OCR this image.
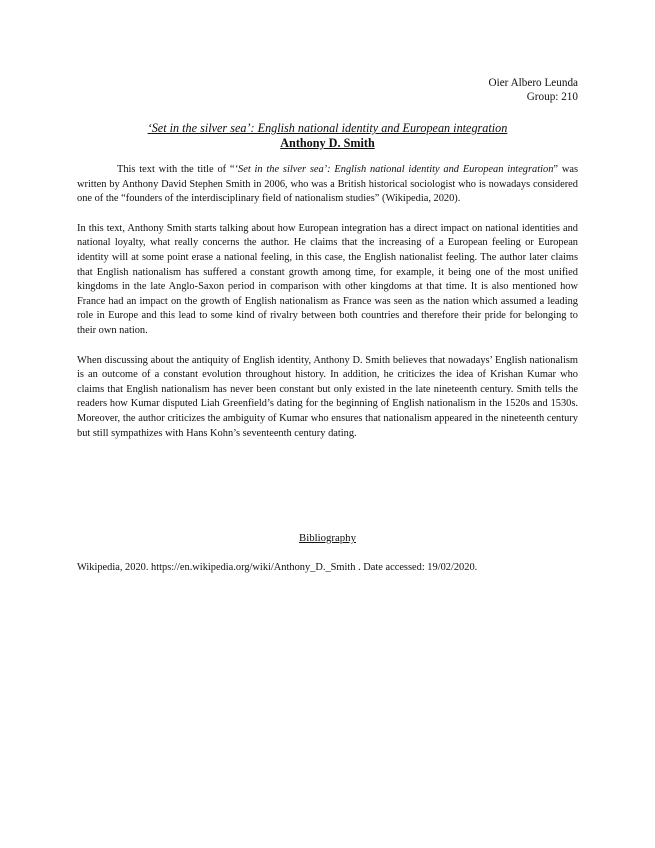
Oier Albero Leunda
Group: 210
‘Set in the silver sea’: English national identity and European integration
Anthony D. Smith

This text with the title of “‘Set in the silver sea’: English national identity and European integration” was written by Anthony David Stephen Smith in 2006, who was a British historical sociologist who is nowadays considered one of the “founders of the interdisciplinary field of nationalism studies” (Wikipedia, 2020).

In this text, Anthony Smith starts talking about how European integration has a direct impact on national identities and national loyalty, what really concerns the author. He claims that the increasing of a European feeling or European identity will at some point erase a national feeling, in this case, the English nationalist feeling. The author later claims that English nationalism has suffered a constant growth among time, for example, it being one of the most unified kingdoms in the late Anglo-Saxon period in comparison with other kingdoms at that time. It is also mentioned how France had an impact on the growth of English nationalism as France was seen as the nation which assumed a leading role in Europe and this lead to some kind of rivalry between both countries and therefore their pride for belonging to their own nation.

When discussing about the antiquity of English identity, Anthony D. Smith believes that nowadays’ English nationalism is an outcome of a constant evolution throughout history. In addition, he criticizes the idea of Krishan Kumar who claims that English nationalism has never been constant but only existed in the late nineteenth century. Smith tells the readers how Kumar disputed Liah Greenfield’s dating for the beginning of English nationalism in the 1520s and 1530s. Moreover, the author criticizes the ambiguity of Kumar who ensures that nationalism appeared in the nineteenth century but still sympathizes with Hans Kohn’s seventeenth century dating.

Bibliography
Wikipedia, 2020. https://en.wikipedia.org/wiki/Anthony_D._Smith . Date accessed: 19/02/2020.
